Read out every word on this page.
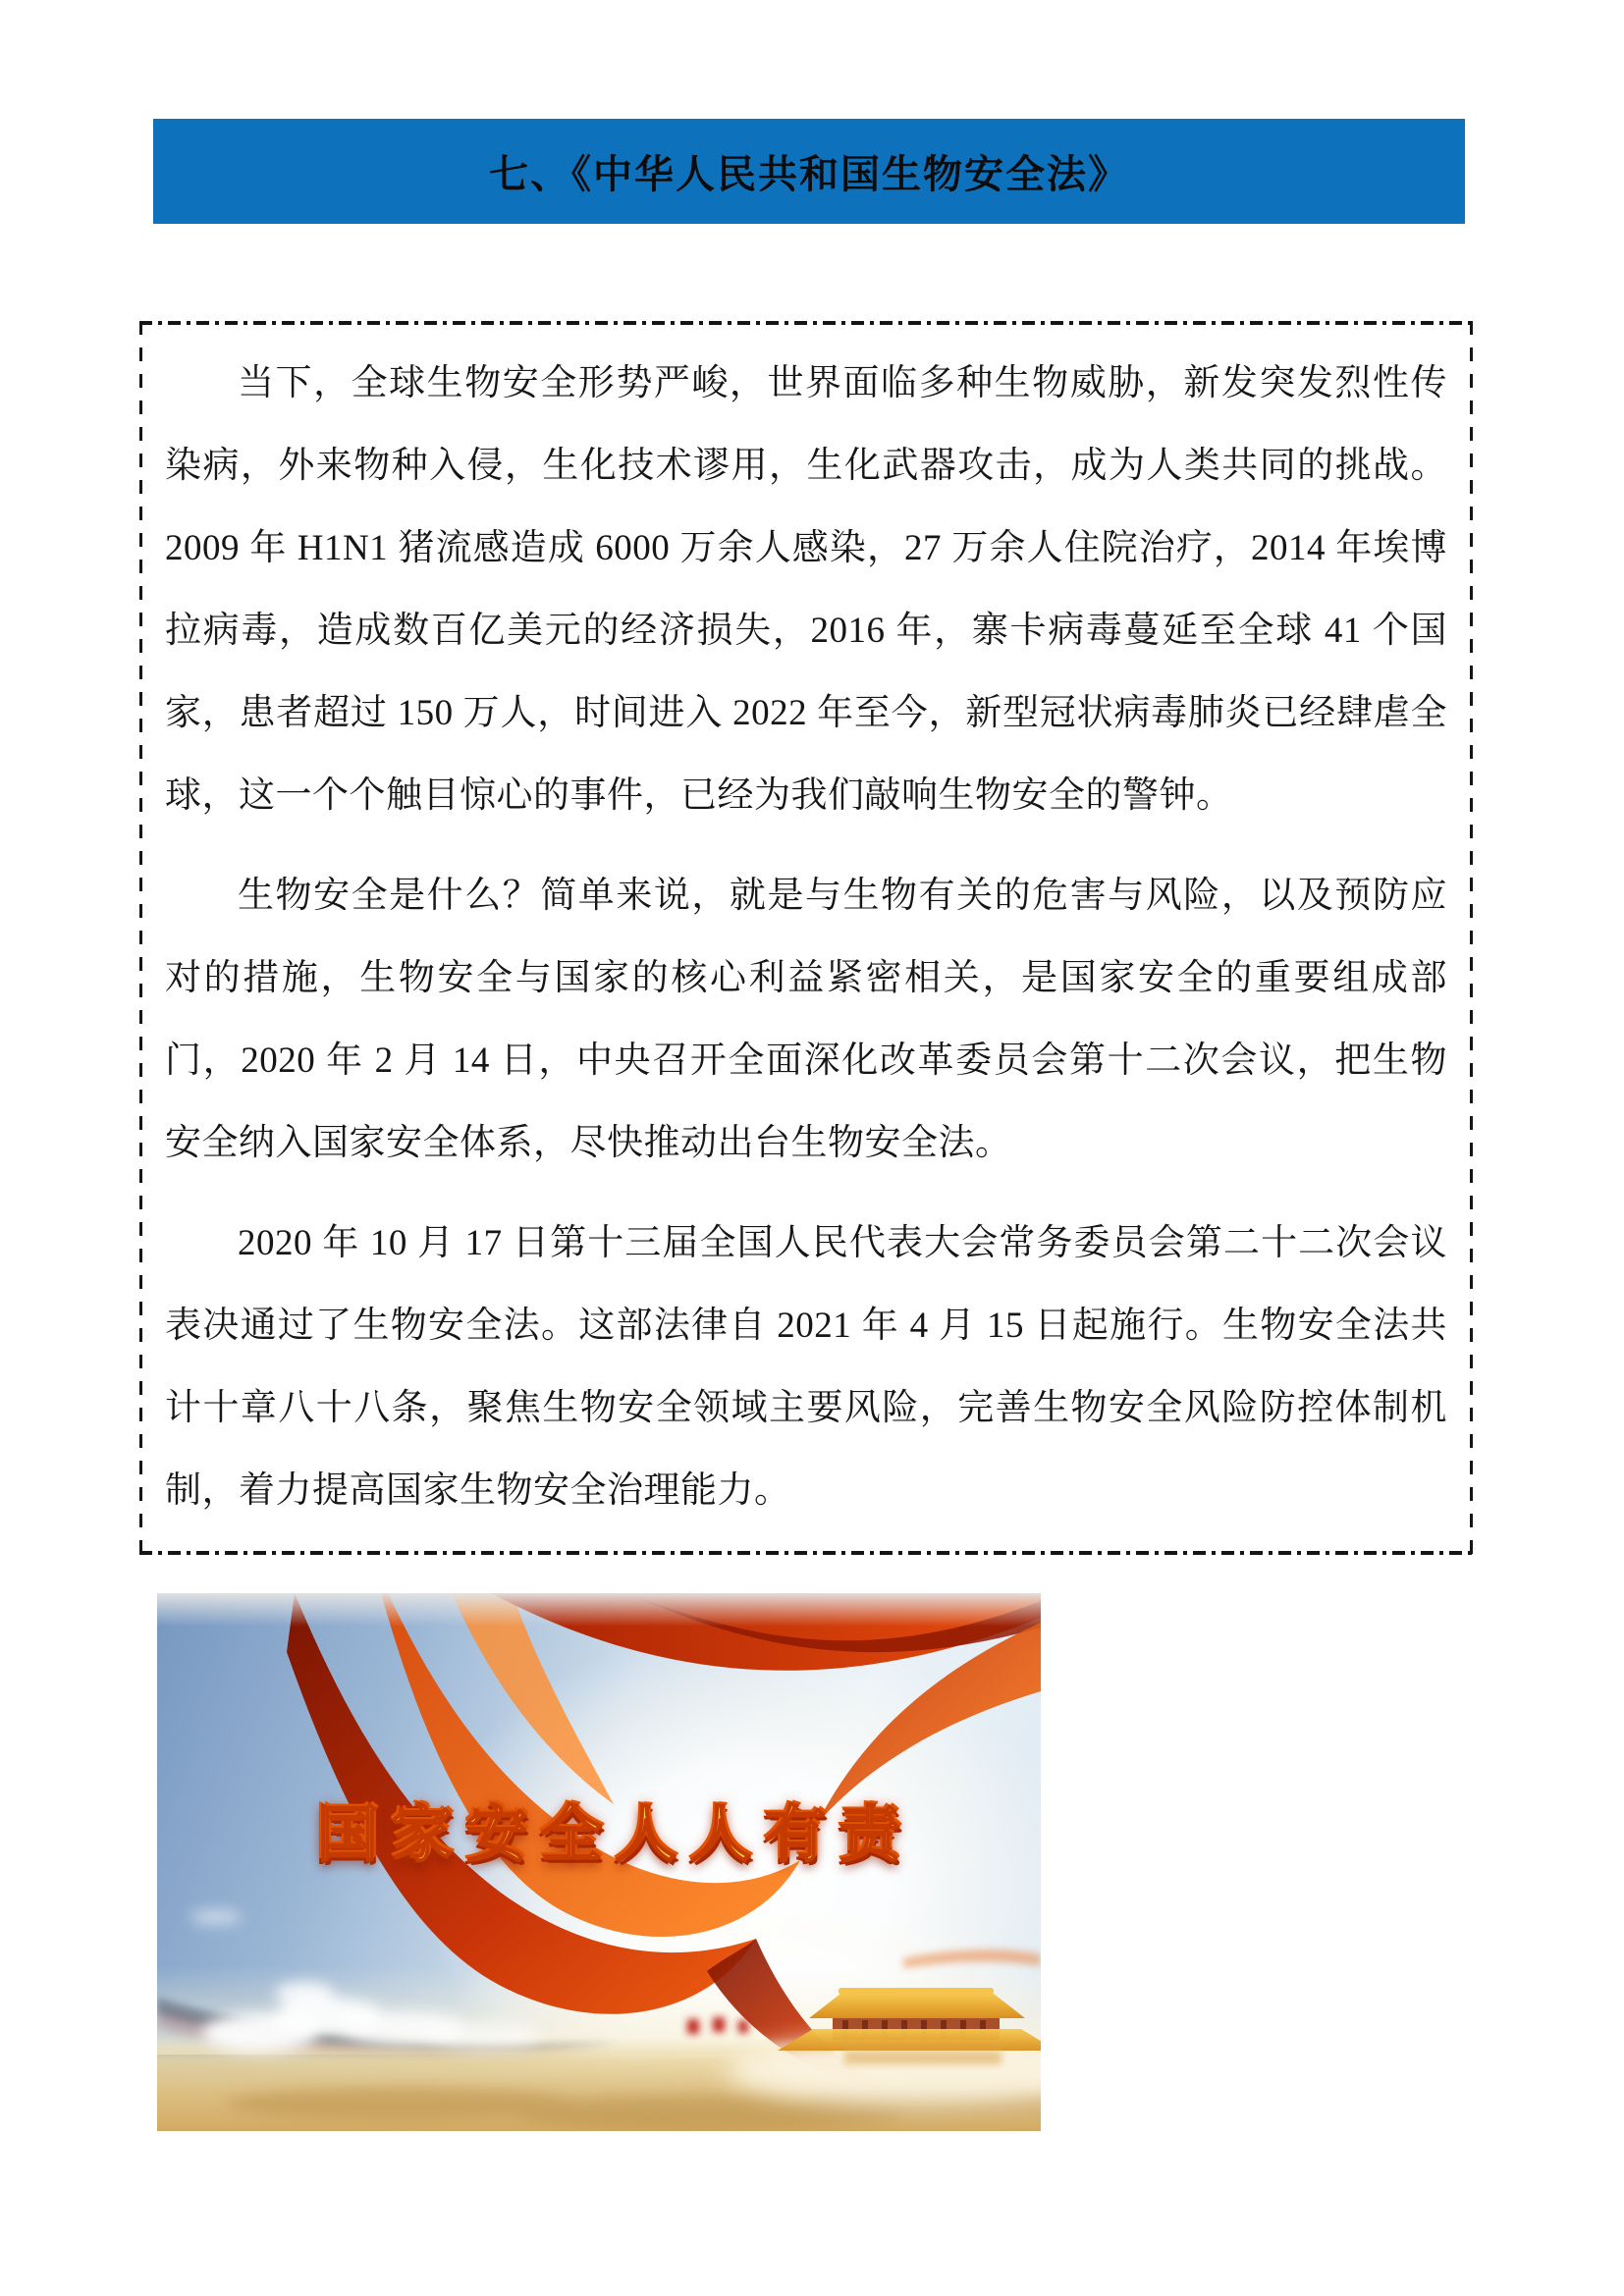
七、《中华人民共和国生物安全法》

当下，全球生物安全形势严峻，世界面临多种生物威胁，新发突发烈性传染病，外来物种入侵，生化技术谬用，生化武器攻击，成为人类共同的挑战。2009 年 H1N1 猪流感造成 6000 万余人感染，27 万余人住院治疗，2014 年埃博拉病毒，造成数百亿美元的经济损失，2016 年，寨卡病毒蔓延至全球 41 个国家，患者超过 150 万人，时间进入 2022 年至今，新型冠状病毒肺炎已经肆虐全球，这一个个触目惊心的事件，已经为我们敲响生物安全的警钟。

生物安全是什么？简单来说，就是与生物有关的危害与风险，以及预防应对的措施，生物安全与国家的核心利益紧密相关，是国家安全的重要组成部门，2020 年 2 月 14 日，中央召开全面深化改革委员会第十二次会议，把生物安全纳入国家安全体系，尽快推动出台生物安全法。

2020 年 10 月 17 日第十三届全国人民代表大会常务委员会第二十二次会议表决通过了生物安全法。这部法律自 2021 年 4 月 15 日起施行。生物安全法共计十章八十八条，聚焦生物安全领域主要风险，完善生物安全风险防控体制机制，着力提高国家生物安全治理能力。

国家安全人人有责
